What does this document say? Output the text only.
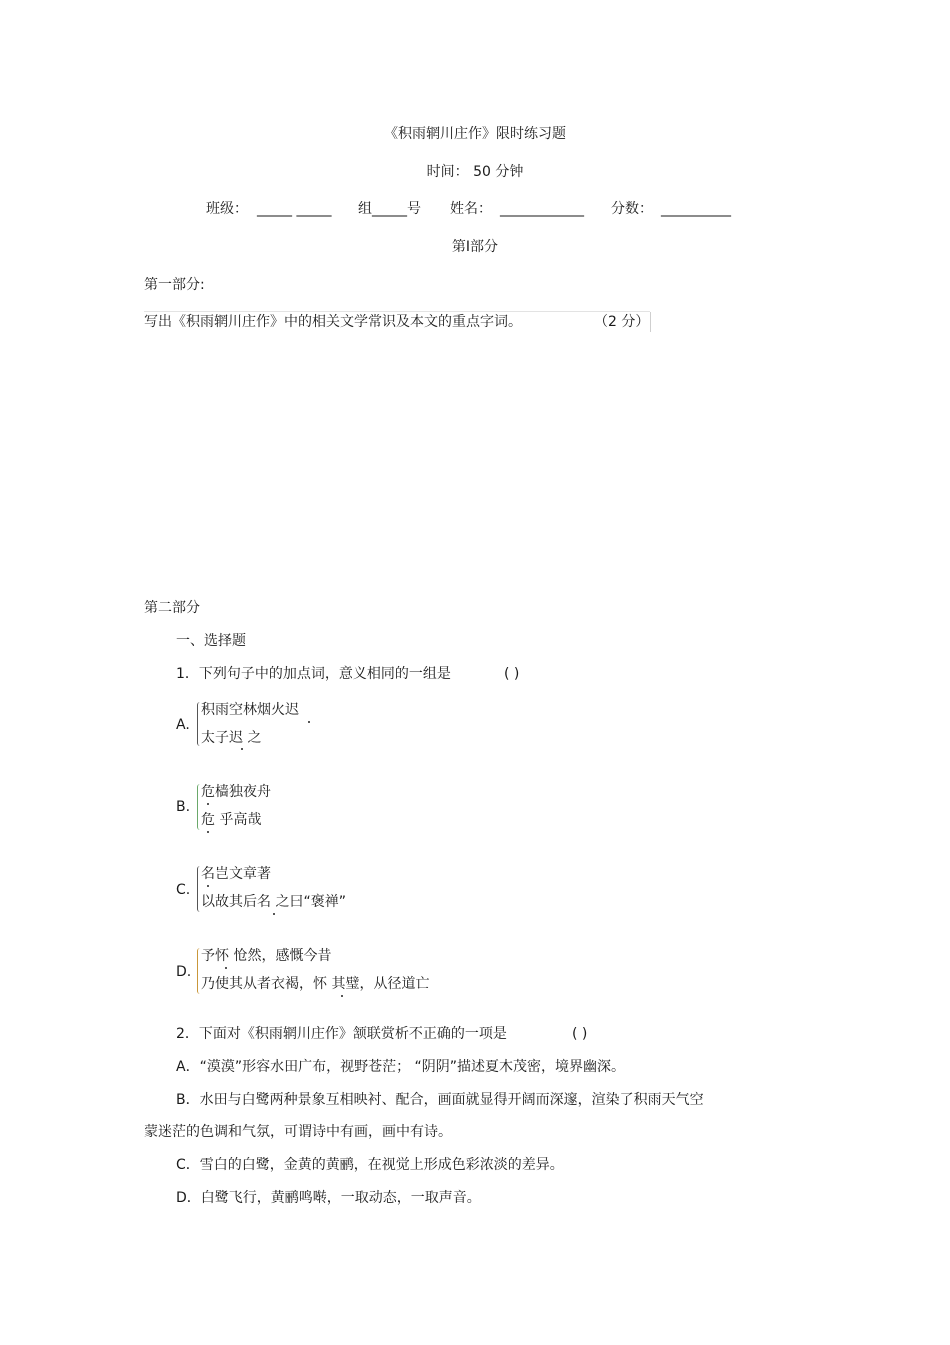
《积雨辋川庄作》限时练习题
时间： 50 分钟
班级： _____ _____ 组_____号 姓名： ____________ 分数： __________
第Ⅰ部分
第一部分:
写出《积雨辋川庄作》中的相关文学常识及本文的重点字词。	（2 分）
第二部分
一、选择题
1．下列句子中的加点词，意义相同的一组是	( )
A.
积雨空林烟火迟
太子迟 之
B.
危樯独夜舟
危 乎高哉
C.
名岂文章著
以故其后名 之曰“褒禅”
D.
予怀 怆然，感慨今昔
乃使其从者衣褐，怀 其璧，从径道亡
2．下面对《积雨辋川庄作》颔联赏析不正确的一项是	( )
A．“漠漠”形容水田广布，视野苍茫； “阴阴”描述夏木茂密，境界幽深。
B．水田与白鹭两种景象互相映衬、配合，画面就显得开阔而深邃，渲染了积雨天气空
蒙迷茫的色调和气氛，可谓诗中有画，画中有诗。
C．雪白的白鹭，金黄的黄鹂，在视觉上形成色彩浓淡的差异。
D．白鹭飞行，黄鹂鸣啭，一取动态，一取声音。
